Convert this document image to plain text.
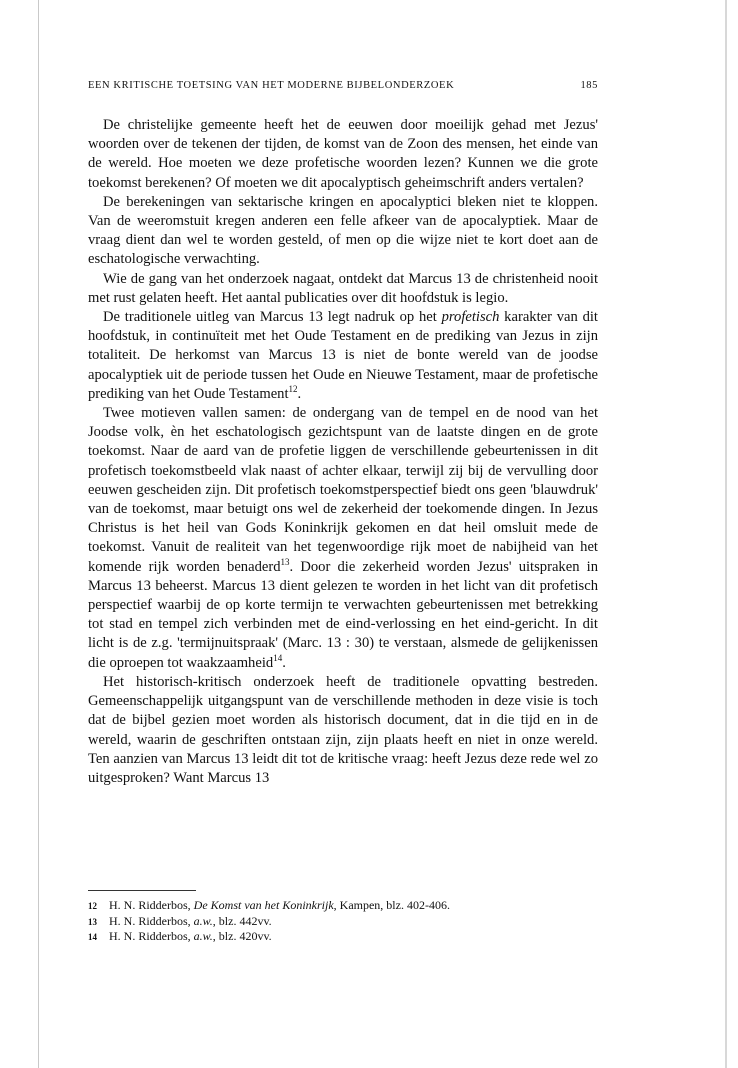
EEN KRITISCHE TOETSING VAN HET MODERNE BIJBELONDERZOEK	185

De christelijke gemeente heeft het de eeuwen door moeilijk gehad met Jezus' woorden over de tekenen der tijden, de komst van de Zoon des mensen, het einde van de wereld. Hoe moeten we deze profetische woorden lezen? Kunnen we die grote toekomst berekenen? Of moeten we dit apocalyptisch geheimschrift anders vertalen?

De berekeningen van sektarische kringen en apocalyptici bleken niet te kloppen. Van de weeromstuit kregen anderen een felle afkeer van de apocalyptiek. Maar de vraag dient dan wel te worden gesteld, of men op die wijze niet te kort doet aan de eschatologische verwachting.

Wie de gang van het onderzoek nagaat, ontdekt dat Marcus 13 de christenheid nooit met rust gelaten heeft. Het aantal publicaties over dit hoofdstuk is legio.

De traditionele uitleg van Marcus 13 legt nadruk op het profetisch karakter van dit hoofdstuk, in continuïteit met het Oude Testament en de prediking van Jezus in zijn totaliteit. De herkomst van Marcus 13 is niet de bonte wereld van de joodse apocalyptiek uit de periode tussen het Oude en Nieuwe Testament, maar de profetische prediking van het Oude Testament$^{12}$.

Twee motieven vallen samen: de ondergang van de tempel en de nood van het Joodse volk, èn het eschatologisch gezichtspunt van de laatste dingen en de grote toekomst. Naar de aard van de profetie liggen de verschillende gebeurtenissen in dit profetisch toekomstbeeld vlak naast of achter elkaar, terwijl zij bij de vervulling door eeuwen gescheiden zijn. Dit profetisch toekomstperspectief biedt ons geen 'blauwdruk' van de toekomst, maar betuigt ons wel de zekerheid der toekomende dingen. In Jezus Christus is het heil van Gods Koninkrijk gekomen en dat heil omsluit mede de toekomst. Vanuit de realiteit van het tegenwoordige rijk moet de nabijheid van het komende rijk worden benaderd$^{13}$. Door die zekerheid worden Jezus' uitspraken in Marcus 13 beheerst. Marcus 13 dient gelezen te worden in het licht van dit profetisch perspectief waarbij de op korte termijn te verwachten gebeurtenissen met betrekking tot stad en tempel zich verbinden met de eind-verlossing en het eind-gericht. In dit licht is de z.g. 'termijnuitspraak' (Marc. 13 : 30) te verstaan, alsmede de gelijkenissen die oproepen tot waakzaamheid$^{14}$.

Het historisch-kritisch onderzoek heeft de traditionele opvatting bestreden. Gemeenschappelijk uitgangspunt van de verschillende methoden in deze visie is toch dat de bijbel gezien moet worden als historisch document, dat in die tijd en in de wereld, waarin de geschriften ontstaan zijn, zijn plaats heeft en niet in onze wereld. Ten aanzien van Marcus 13 leidt dit tot de kritische vraag: heeft Jezus deze rede wel zo uitgesproken? Want Marcus 13

12	H. N. Ridderbos, De Komst van het Koninkrijk, Kampen, blz. 402-406.
13	H. N. Ridderbos, a.w., blz. 442vv.
14	H. N. Ridderbos, a.w., blz. 420vv.
